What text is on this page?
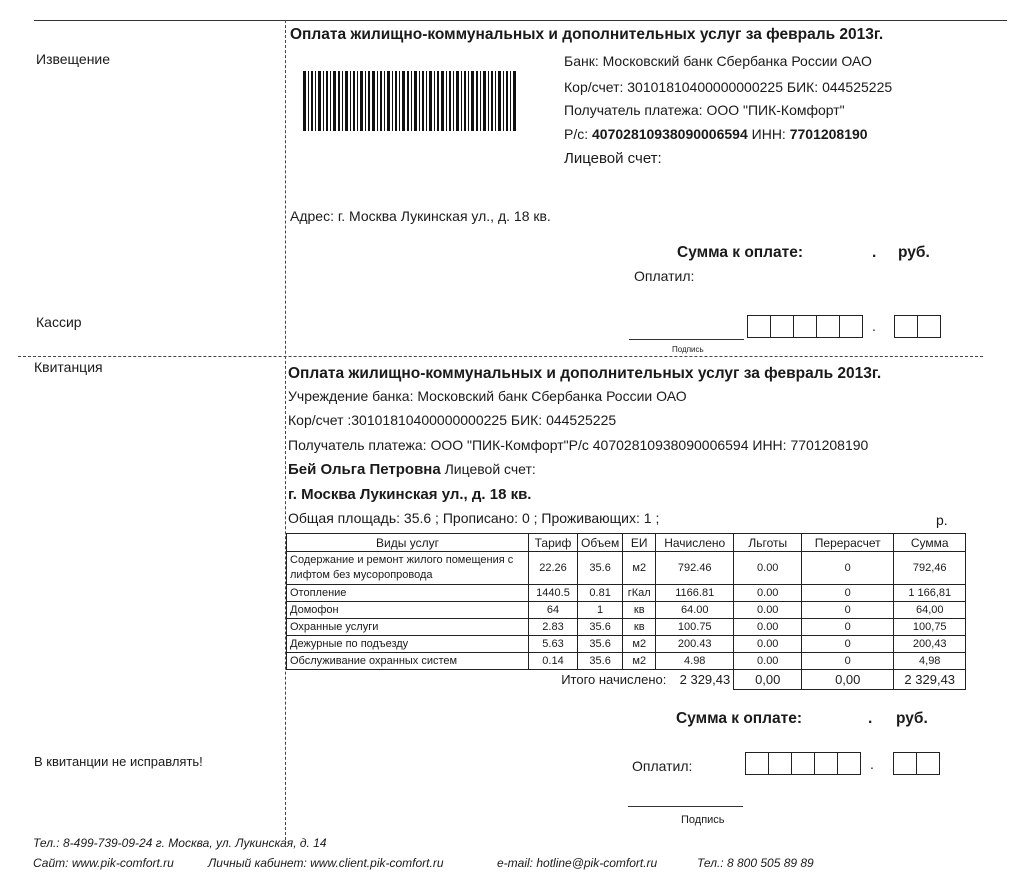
Извещение
Кассир
Квитанция
В квитанции не исправлять!
Оплата жилищно-коммунальных и дополнительных услуг за февраль 2013г.
Банк: Московский банк Сбербанка России ОАО
Кор/счет: 30101810400000000225 БИК: 044525225
Получатель платежа: ООО "ПИК-Комфорт"
Р/с: 40702810938090006594 ИНН: 7701208190
Лицевой счет:
Адрес: г. Москва Лукинская ул., д. 18 кв.
Сумма к оплате:	. руб.
Оплатил:
Подпись
.
Оплата жилищно-коммунальных и дополнительных услуг за февраль 2013г.
Учреждение банка: Московский банк Сбербанка России ОАО
Кор/счет :30101810400000000225 БИК: 044525225
Получатель платежа: ООО "ПИК-Комфорт"Р/с 40702810938090006594 ИНН: 7701208190
Бей Ольга Петровна Лицевой счет:
г. Москва Лукинская ул., д. 18 кв.
Общая площадь: 35.6 ; Прописано: 0 ; Проживающих: 1 ;	р.
Виды услуг	Тариф	Объем	ЕИ	Начислено	Льготы	Перерасчет	Сумма
Содержание и ремонт жилого помещения с лифтом без мусоропровода	22.26	35.6	м2	792.46	0.00	0	792,46
Отопление	1440.5	0.81	гКал	1166.81	0.00	0	1 166,81
Домофон	64	1	кв	64.00	0.00	0	64,00
Охранные услуги	2.83	35.6	кв	100.75	0.00	0	100,75
Дежурные по подъезду	5.63	35.6	м2	200.43	0.00	0	200,43
Обслуживание охранных систем	0.14	35.6	м2	4.98	0.00	0	4,98
Итого начислено: 2 329,43					0,00	0,00	2 329,43
Сумма к оплате:	. руб.
Оплатил:	.
Подпись
Тел.: 8-499-739-09-24 г. Москва, ул. Лукинская, д. 14
Сайт: www.pik-comfort.ru	Личный кабинет: www.client.pik-comfort.ru	e-mail: hotline@pik-comfort.ru	Тел.: 8 800 505 89 89
